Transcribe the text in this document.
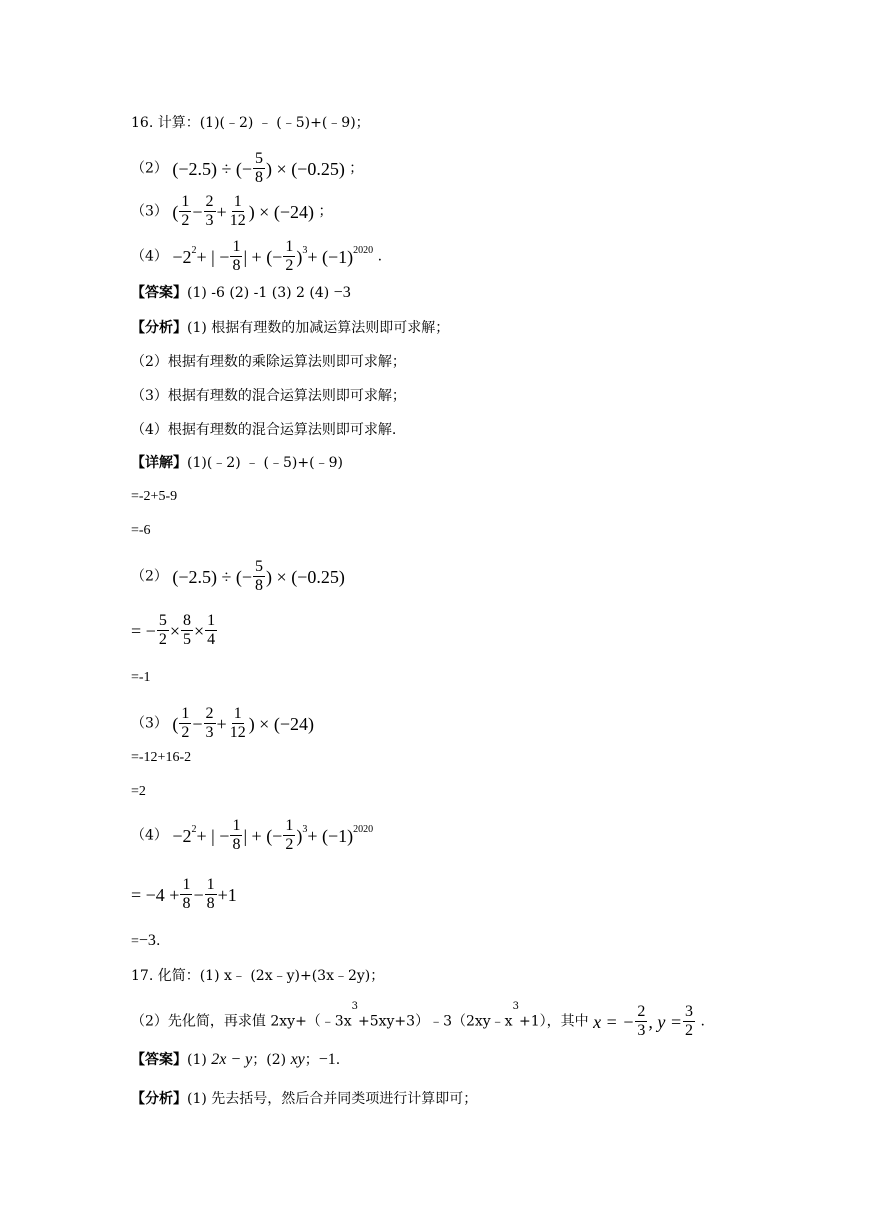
16. 计算：(1)(﹣2) ﹣ (﹣5)+(﹣9)；
（2） (−2.5) ÷ (− $\frac{5}{8}$ ) × (−0.25) ；
（3） ( $\frac{1}{2} - \frac{2}{3} + \frac{1}{12}$ ) × (−24) ；
$(4) -2^2$ + | − $\frac{1}{8}$ | + (− $\frac{1}{2} )^3 + (-1)^{2020}$ .
【答案】(1) -6 (2) -1 (3) 2 (4) −3
【分析】(1) 根据有理数的加减运算法则即可求解；
（2）根据有理数的乘除运算法则即可求解；
（3）根据有理数的混合运算法则即可求解；
（4）根据有理数的混合运算法则即可求解.
【详解】(1)(﹣2) ﹣ (﹣5)+(﹣9)
=-2+5-9
=-6
（2） (−2.5) ÷ (− $\frac{5}{8}$ ) × (−0.25)
= − $\frac{5}{2} \times \frac{8}{5} \times \frac{1}{4}$
=-1
（3） ( $\frac{1}{2} - \frac{2}{3} + \frac{1}{12}$ ) × (−24)
=-12+16-2
=2
$(4) -2^2$ + | − $\frac{1}{8}$ | + (− $\frac{1}{2} )^3 + (-1)^{2020}$
= $-4 + \frac{1}{8} - \frac{1}{8} +1$
=−3.
17. 化简：(1) x﹣ (2x﹣y)+(3x﹣2y)；
（2）先化简，再求值 $2xy+(﹣3x^3+5xy+3)﹣3(2xy﹣x^3+1)$，其中 x = − $\frac{2}{3}$ , $y = \frac{3}{2}$ .
【答案】(1) 2x − y；(2) xy；−1.
【分析】(1) 先去括号，然后合并同类项进行计算即可；
